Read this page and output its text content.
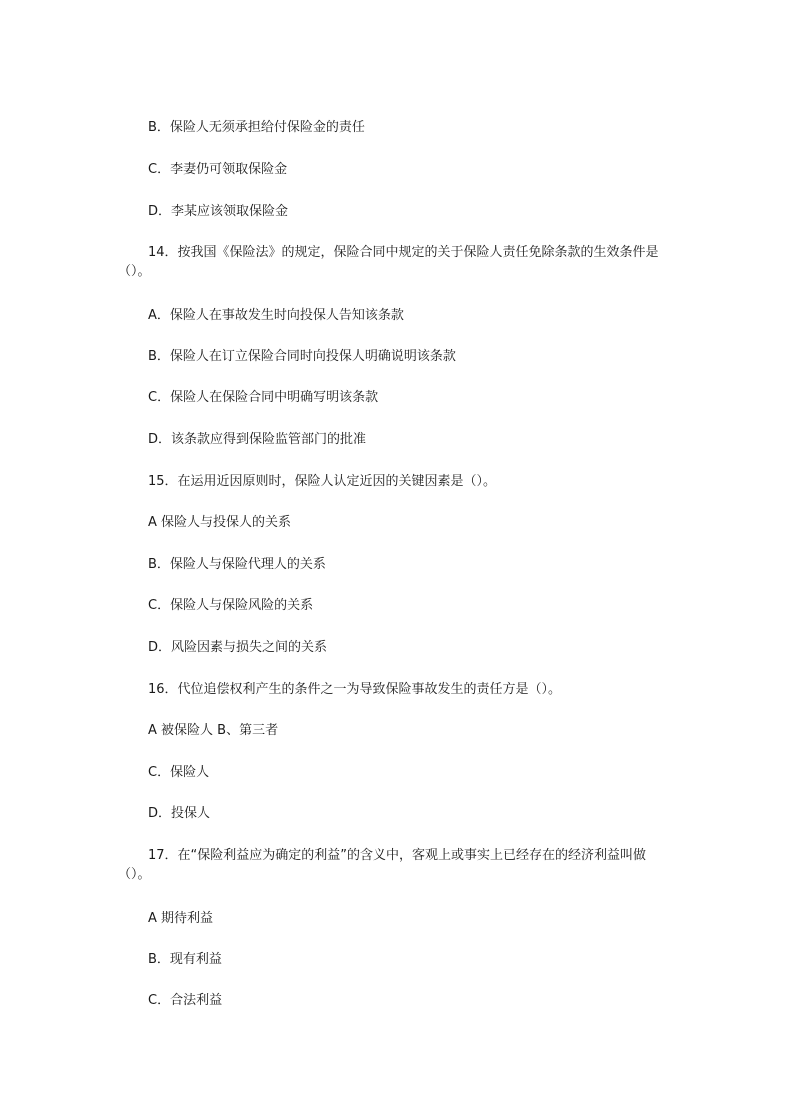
B．保险人无须承担给付保险金的责任
C．李妻仍可领取保险金
D．李某应该领取保险金
14．按我国《保险法》的规定，保险合同中规定的关于保险人责任免除条款的生效条件是（）。
A．保险人在事故发生时向投保人告知该条款
B．保险人在订立保险合同时向投保人明确说明该条款
C．保险人在保险合同中明确写明该条款
D．该条款应得到保险监管部门的批准
15．在运用近因原则时，保险人认定近因的关键因素是（）。
A 保险人与投保人的关系
B．保险人与保险代理人的关系
C．保险人与保险风险的关系
D．风险因素与损失之间的关系
16．代位追偿权利产生的条件之一为导致保险事故发生的责任方是（）。
A 被保险人 B、第三者
C．保险人
D．投保人
17．在“保险利益应为确定的利益”的含义中，客观上或事实上已经存在的经济利益叫做（）。
A 期待利益
B．现有利益
C．合法利益
